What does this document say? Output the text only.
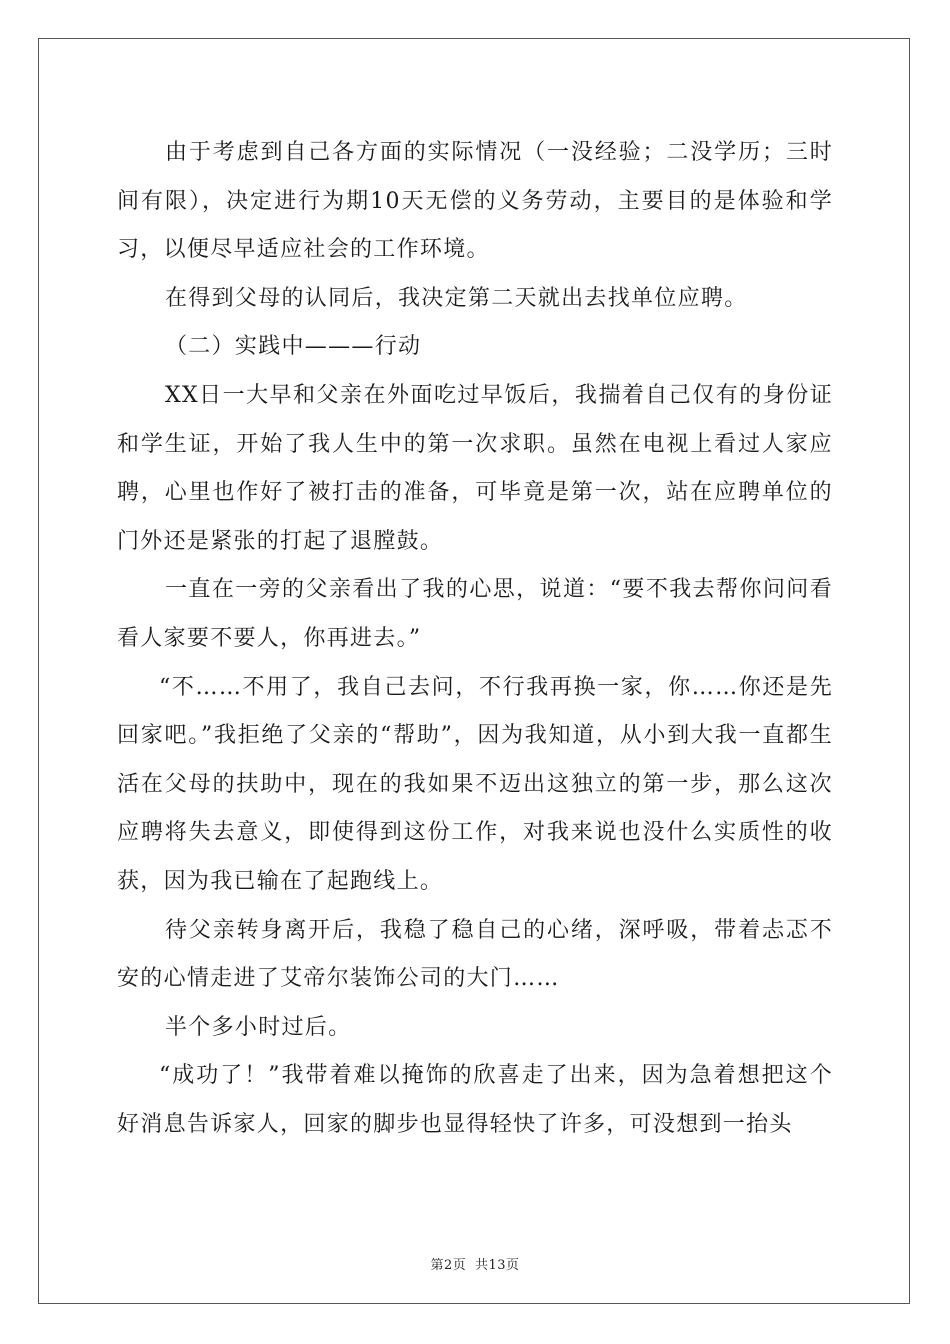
由于考虑到自己各方面的实际情况（一没经验；二没学历；三时间有限），决定进行为期10天无偿的义务劳动，主要目的是体验和学习，以便尽早适应社会的工作环境。

在得到父母的认同后，我决定第二天就出去找单位应聘。

（二）实践中———行动

XX日一大早和父亲在外面吃过早饭后，我揣着自己仅有的身份证和学生证，开始了我人生中的第一次求职。虽然在电视上看过人家应聘，心里也作好了被打击的准备，可毕竟是第一次，站在应聘单位的门外还是紧张的打起了退膛鼓。

一直在一旁的父亲看出了我的心思，说道：“要不我去帮你问问看看人家要不要人，你再进去。”

“不……不用了，我自己去问，不行我再换一家，你……你还是先回家吧。”我拒绝了父亲的“帮助”，因为我知道，从小到大我一直都生活在父母的扶助中，现在的我如果不迈出这独立的第一步，那么这次应聘将失去意义，即使得到这份工作，对我来说也没什么实质性的收获，因为我已输在了起跑线上。

待父亲转身离开后，我稳了稳自己的心绪，深呼吸，带着忐忑不安的心情走进了艾帝尔装饰公司的大门……

半个多小时过后。

“成功了！”我带着难以掩饰的欣喜走了出来，因为急着想把这个好消息告诉家人，回家的脚步也显得轻快了许多，可没想到一抬头

第2页 共13页
